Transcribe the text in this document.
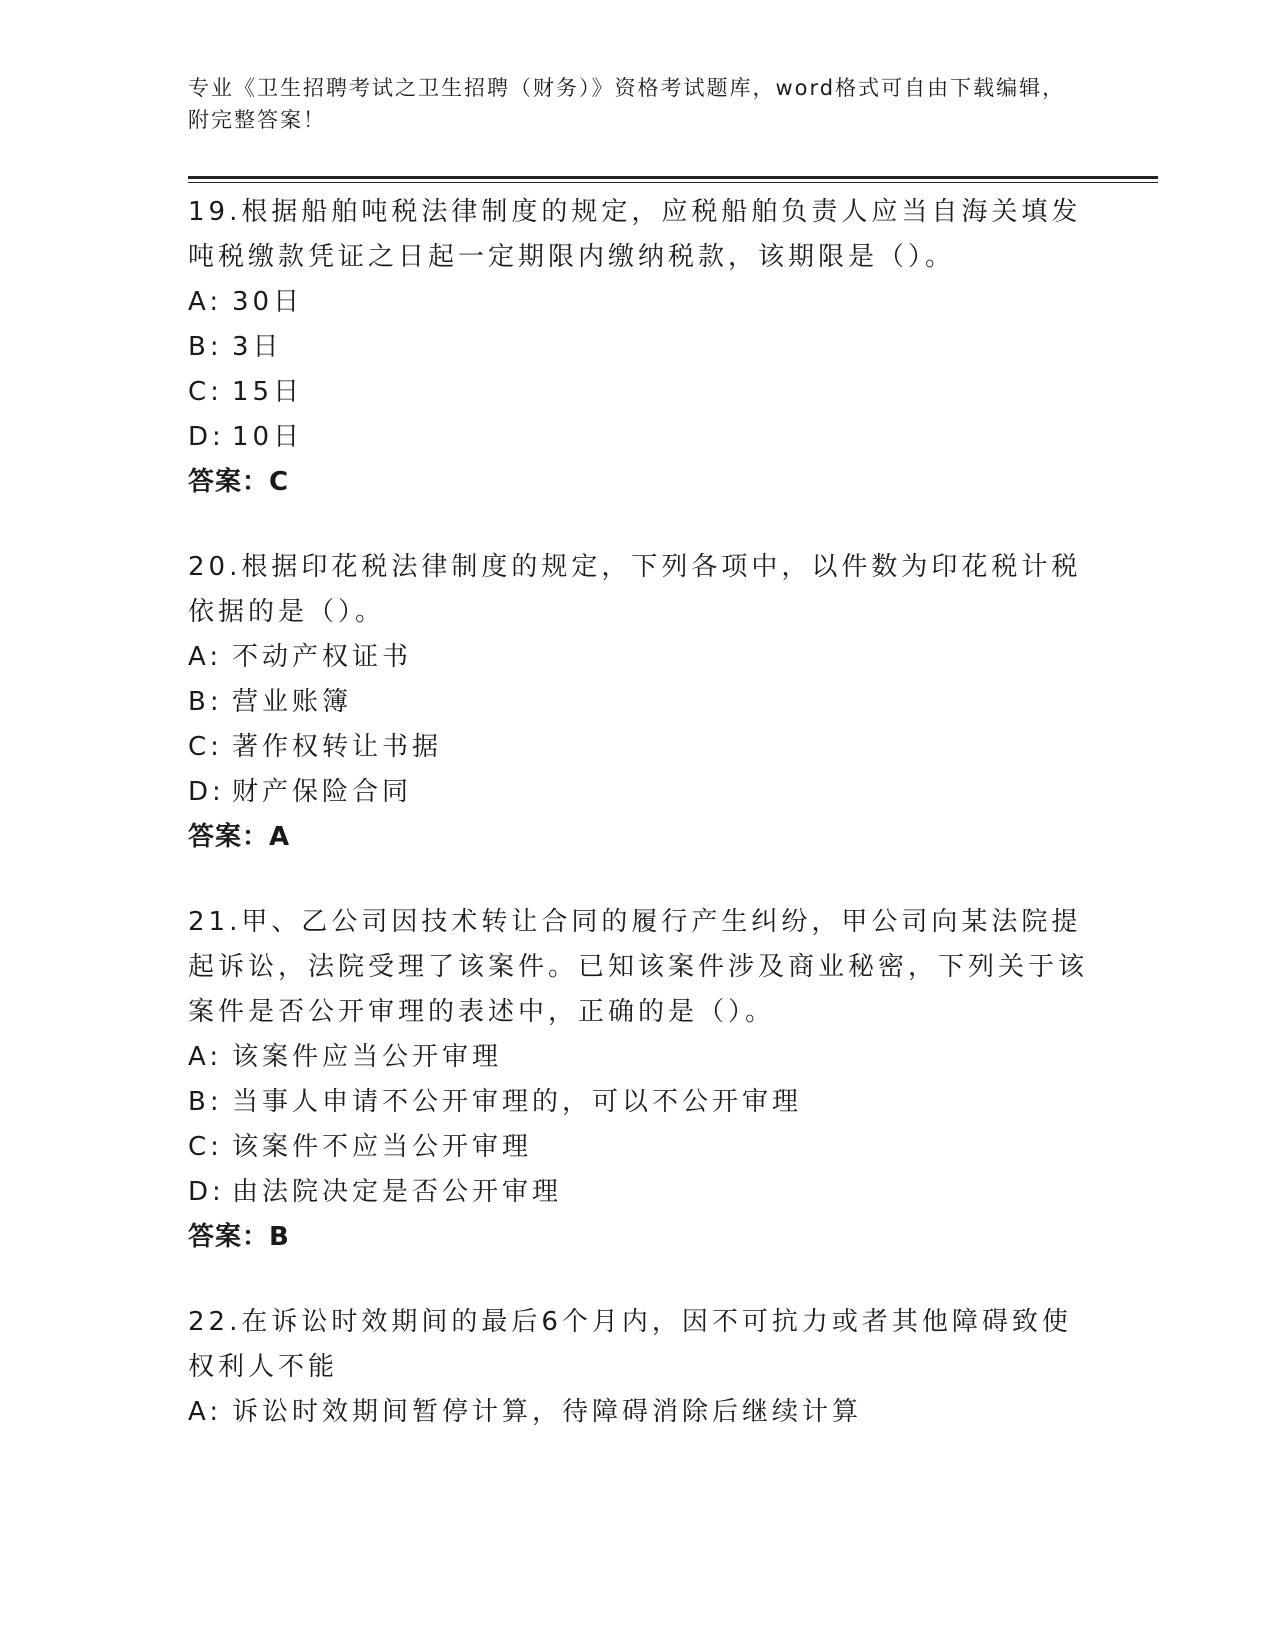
专业《卫生招聘考试之卫生招聘（财务）》资格考试题库，word格式可自由下载编辑，附完整答案！

19.根据船舶吨税法律制度的规定，应税船舶负责人应当自海关填发吨税缴款凭证之日起一定期限内缴纳税款，该期限是（）。

A: 30日

B: 3日

C: 15日

D: 10日

答案：C

20.根据印花税法律制度的规定，下列各项中，以件数为印花税计税依据的是（）。

A: 不动产权证书

B: 营业账簿

C: 著作权转让书据

D: 财产保险合同

答案：A

21.甲、乙公司因技术转让合同的履行产生纠纷，甲公司向某法院提起诉讼，法院受理了该案件。已知该案件涉及商业秘密，下列关于该案件是否公开审理的表述中，正确的是（）。

A: 该案件应当公开审理

B: 当事人申请不公开审理的，可以不公开审理

C: 该案件不应当公开审理

D: 由法院决定是否公开审理

答案：B

22.在诉讼时效期间的最后6个月内，因不可抗力或者其他障碍致使权利人不能

A: 诉讼时效期间暂停计算，待障碍消除后继续计算
